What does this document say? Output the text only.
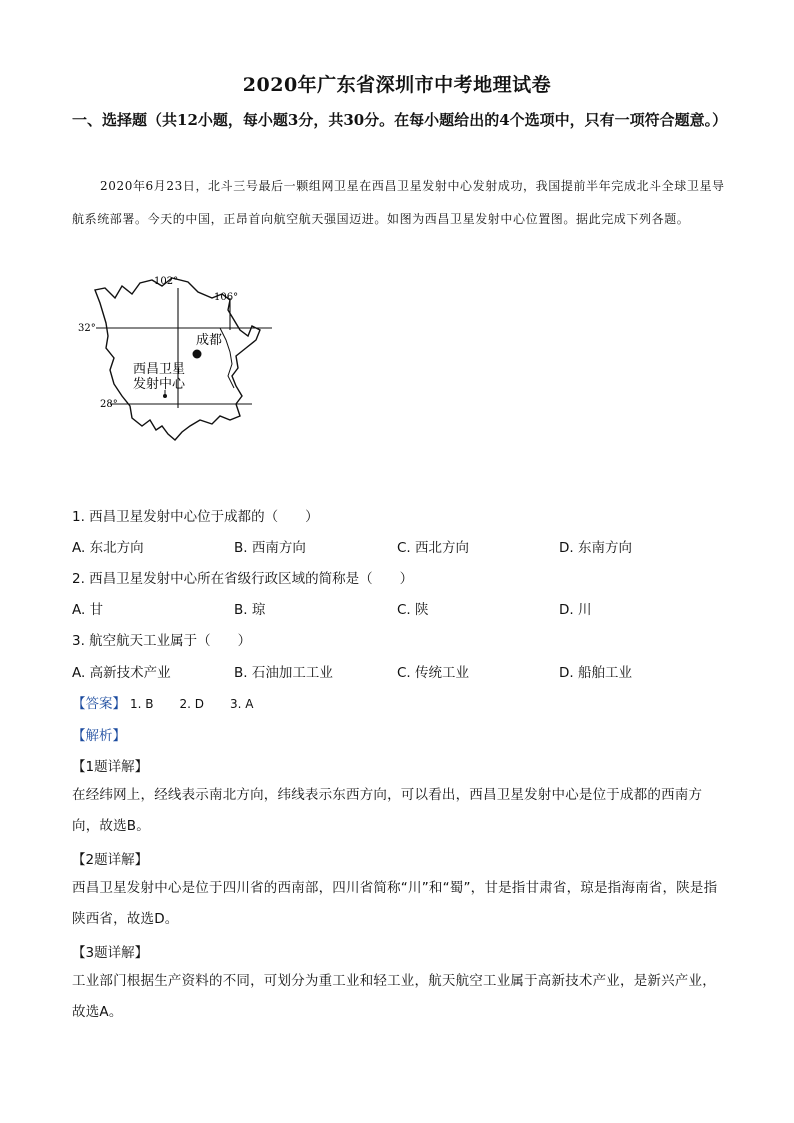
2020年广东省深圳市中考地理试卷
一、选择题（共12小题，每小题3分，共30分。在每小题给出的4个选项中，只有一项符合题意。）
2020年6月23日，北斗三号最后一颗组网卫星在西昌卫星发射中心发射成功，我国提前半年完成北斗全球卫星导航系统部署。今天的中国，正昂首向航空航天强国迈进。如图为西昌卫星发射中心位置图。据此完成下列各题。
102°
106°
32°
28°
成都
西昌卫星
发射中心
1. 西昌卫星发射中心位于成都的（　　）
A. 东北方向	B. 西南方向	C. 西北方向	D. 东南方向
2. 西昌卫星发射中心所在省级行政区域的简称是（　　）
A. 甘	B. 琼	C. 陕	D. 川
3. 航空航天工业属于（　　）
A. 高新技术产业	B. 石油加工工业	C. 传统工业	D. 船舶工业
【答案】 1. B 2. D 3. A
【解析】
【1题详解】
在经纬网上，经线表示南北方向，纬线表示东西方向，可以看出，西昌卫星发射中心是位于成都的西南方向，故选B。
【2题详解】
西昌卫星发射中心是位于四川省的西南部，四川省简称“川”和“蜀”，甘是指甘肃省，琼是指海南省，陕是指陕西省，故选D。
【3题详解】
工业部门根据生产资料的不同，可划分为重工业和轻工业，航天航空工业属于高新技术产业，是新兴产业，故选A。
